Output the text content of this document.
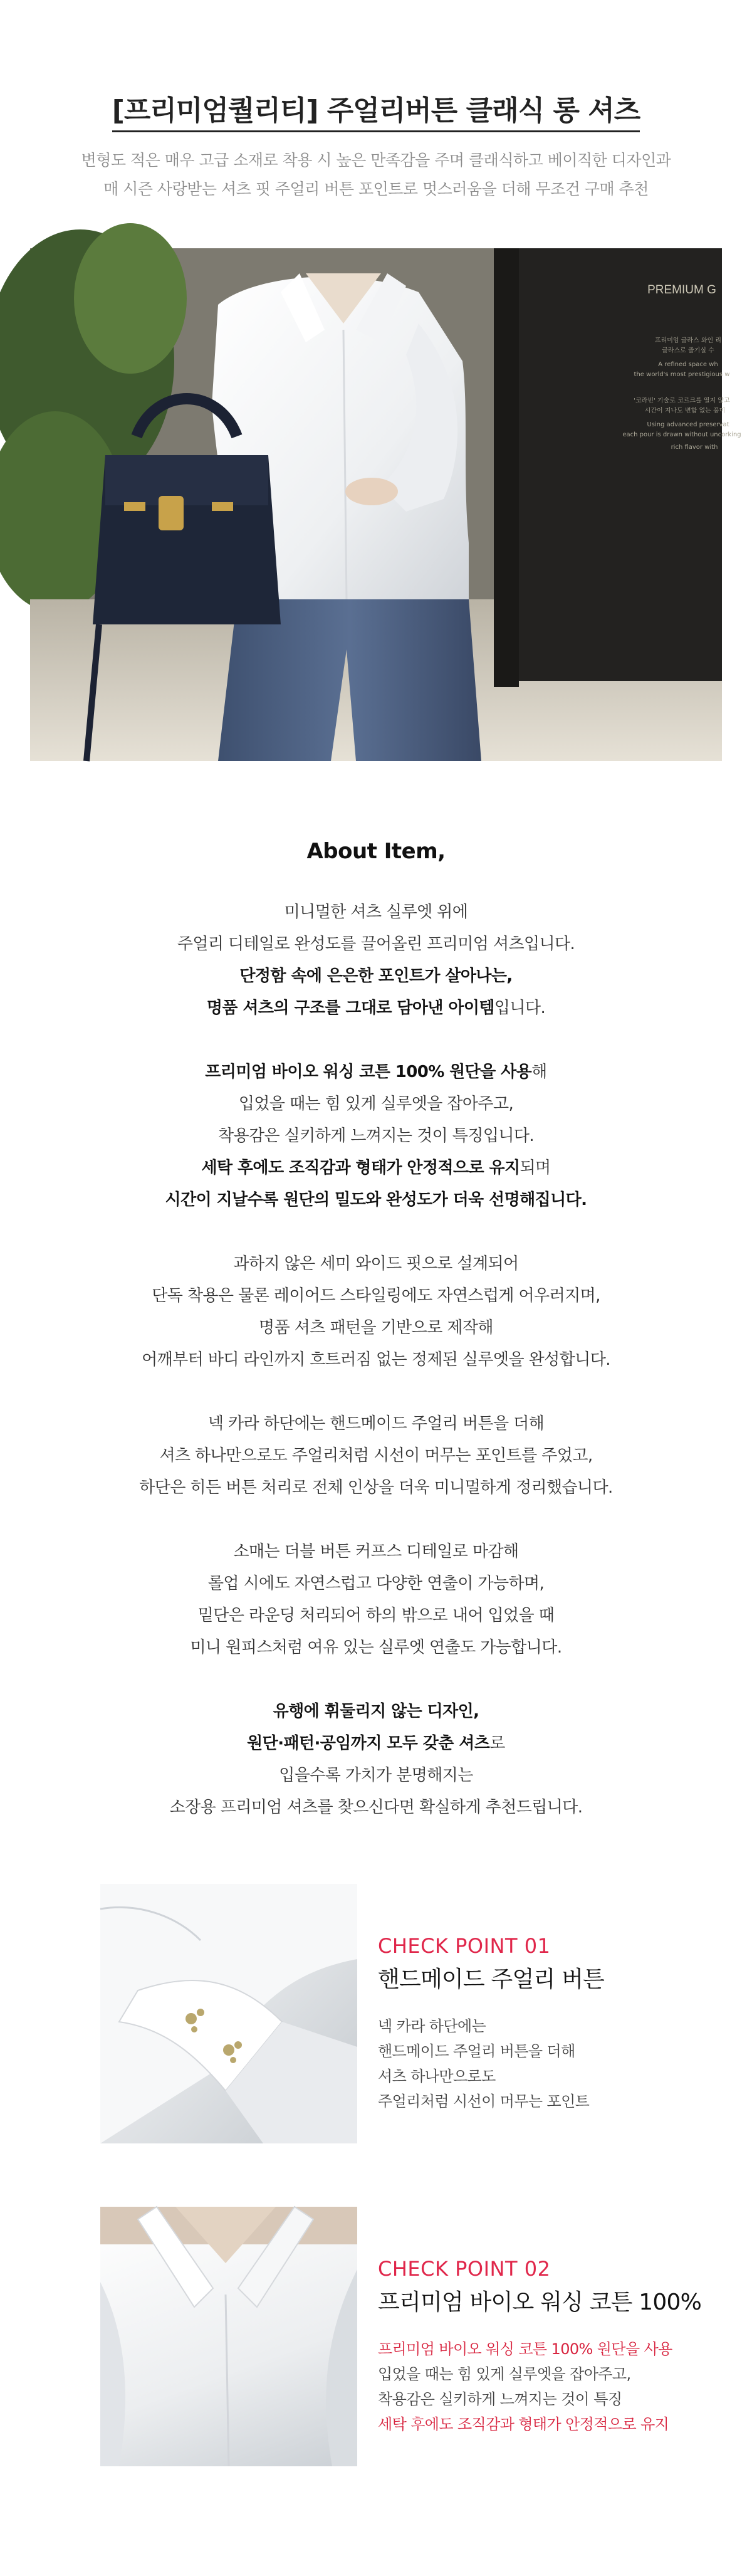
[프리미엄퀄리티] 주얼리버튼 클래식 롱 셔츠
변형도 적은 매우 고급 소재로 착용 시 높은 만족감을 주며 클래식하고 베이직한 디자인과
매 시즌 사랑받는 셔츠 핏 주얼리 버튼 포인트로 멋스러움을 더해 무조건 구매 추천
PREMIUM G
프리미엄 글라스 와인 리
글라스로 즐기실 수
A refined space wh
the world's most prestigious w
'코라빈' 기술로 코르크를 열지 않고
시간이 지나도 변함 없는 풍미
Using advanced preservat
each pour is drawn without uncorking
rich flavor with
About Item,
미니멀한 셔츠 실루엣 위에
주얼리 디테일로 완성도를 끌어올린 프리미엄 셔츠입니다.
단정함 속에 은은한 포인트가 살아나는,
명품 셔츠의 구조를 그대로 담아낸 아이템입니다.
프리미엄 바이오 워싱 코튼 100% 원단을 사용해
입었을 때는 힘 있게 실루엣을 잡아주고,
착용감은 실키하게 느껴지는 것이 특징입니다.
세탁 후에도 조직감과 형태가 안정적으로 유지되며
시간이 지날수록 원단의 밀도와 완성도가 더욱 선명해집니다.
과하지 않은 세미 와이드 핏으로 설계되어
단독 착용은 물론 레이어드 스타일링에도 자연스럽게 어우러지며,
명품 셔츠 패턴을 기반으로 제작해
어깨부터 바디 라인까지 흐트러짐 없는 정제된 실루엣을 완성합니다.
넥 카라 하단에는 핸드메이드 주얼리 버튼을 더해
셔츠 하나만으로도 주얼리처럼 시선이 머무는 포인트를 주었고,
하단은 히든 버튼 처리로 전체 인상을 더욱 미니멀하게 정리했습니다.
소매는 더블 버튼 커프스 디테일로 마감해
롤업 시에도 자연스럽고 다양한 연출이 가능하며,
밑단은 라운딩 처리되어 하의 밖으로 내어 입었을 때
미니 원피스처럼 여유 있는 실루엣 연출도 가능합니다.
유행에 휘둘리지 않는 디자인,
원단·패턴·공임까지 모두 갖춘 셔츠로
입을수록 가치가 분명해지는
소장용 프리미엄 셔츠를 찾으신다면 확실하게 추천드립니다.
CHECK POINT 01
핸드메이드 주얼리 버튼
넥 카라 하단에는
핸드메이드 주얼리 버튼을 더해
셔츠 하나만으로도
주얼리처럼 시선이 머무는 포인트
CHECK POINT 02
프리미엄 바이오 워싱 코튼 100%
프리미엄 바이오 워싱 코튼 100% 원단을 사용
입었을 때는 힘 있게 실루엣을 잡아주고,
착용감은 실키하게 느껴지는 것이 특징
세탁 후에도 조직감과 형태가 안정적으로 유지
